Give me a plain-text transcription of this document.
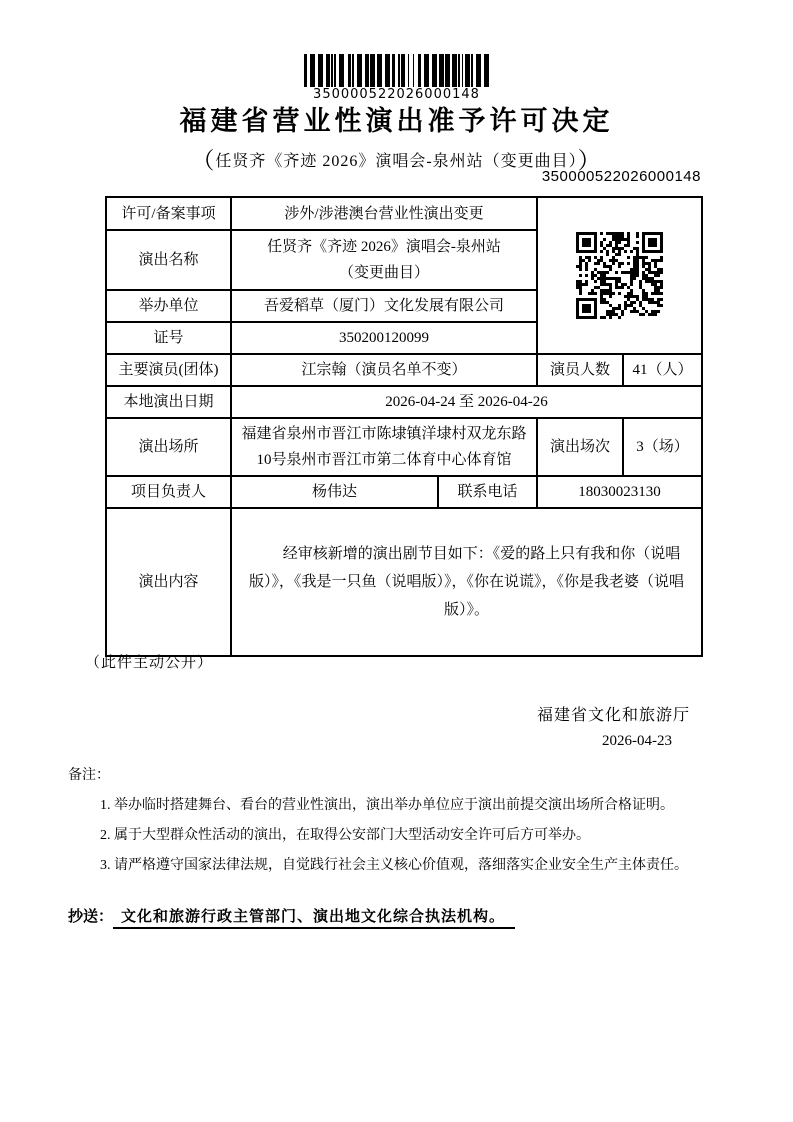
350000522026000148
福建省营业性演出准予许可决定
（任贤齐《齐迹 2026》演唱会-泉州站（变更曲目））
350000522026000148
许可/备案事项	涉外/涉港澳台营业性演出变更	

演出名称	任贤齐《齐迹 2026》演唱会-泉州站
（变更曲目）			

举办单位	吾爱稻草（厦门）文化发展有限公司			
证号	350200120099			
主要演员(团体)	江宗翰（演员名单不变）		演员人数	41（人）
本地演出日期	2026-04-24 至 2026-04-26			
演出场所	福建省泉州市晋江市陈埭镇洋埭村双龙东路10号泉州市晋江市第二体育中心体育馆		演出场次	3（场）
项目负责人	杨伟达	联系电话	18030023130	
演出内容	经审核新增的演出剧节目如下：《爱的路上只有我和你（说唱版）》，《我是一只鱼（说唱版）》，《你在说谎》，《你是我老婆（说唱版）》。			

（此件主动公开）
福建省文化和旅游厅
2026-04-23
备注：
1. 举办临时搭建舞台、看台的营业性演出，演出举办单位应于演出前提交演出场所合格证明。
2. 属于大型群众性活动的演出，在取得公安部门大型活动安全许可后方可举办。
3. 请严格遵守国家法律法规，自觉践行社会主义核心价值观，落细落实企业安全生产主体责任。
抄送： 文化和旅游行政主管部门、演出地文化综合执法机构。
